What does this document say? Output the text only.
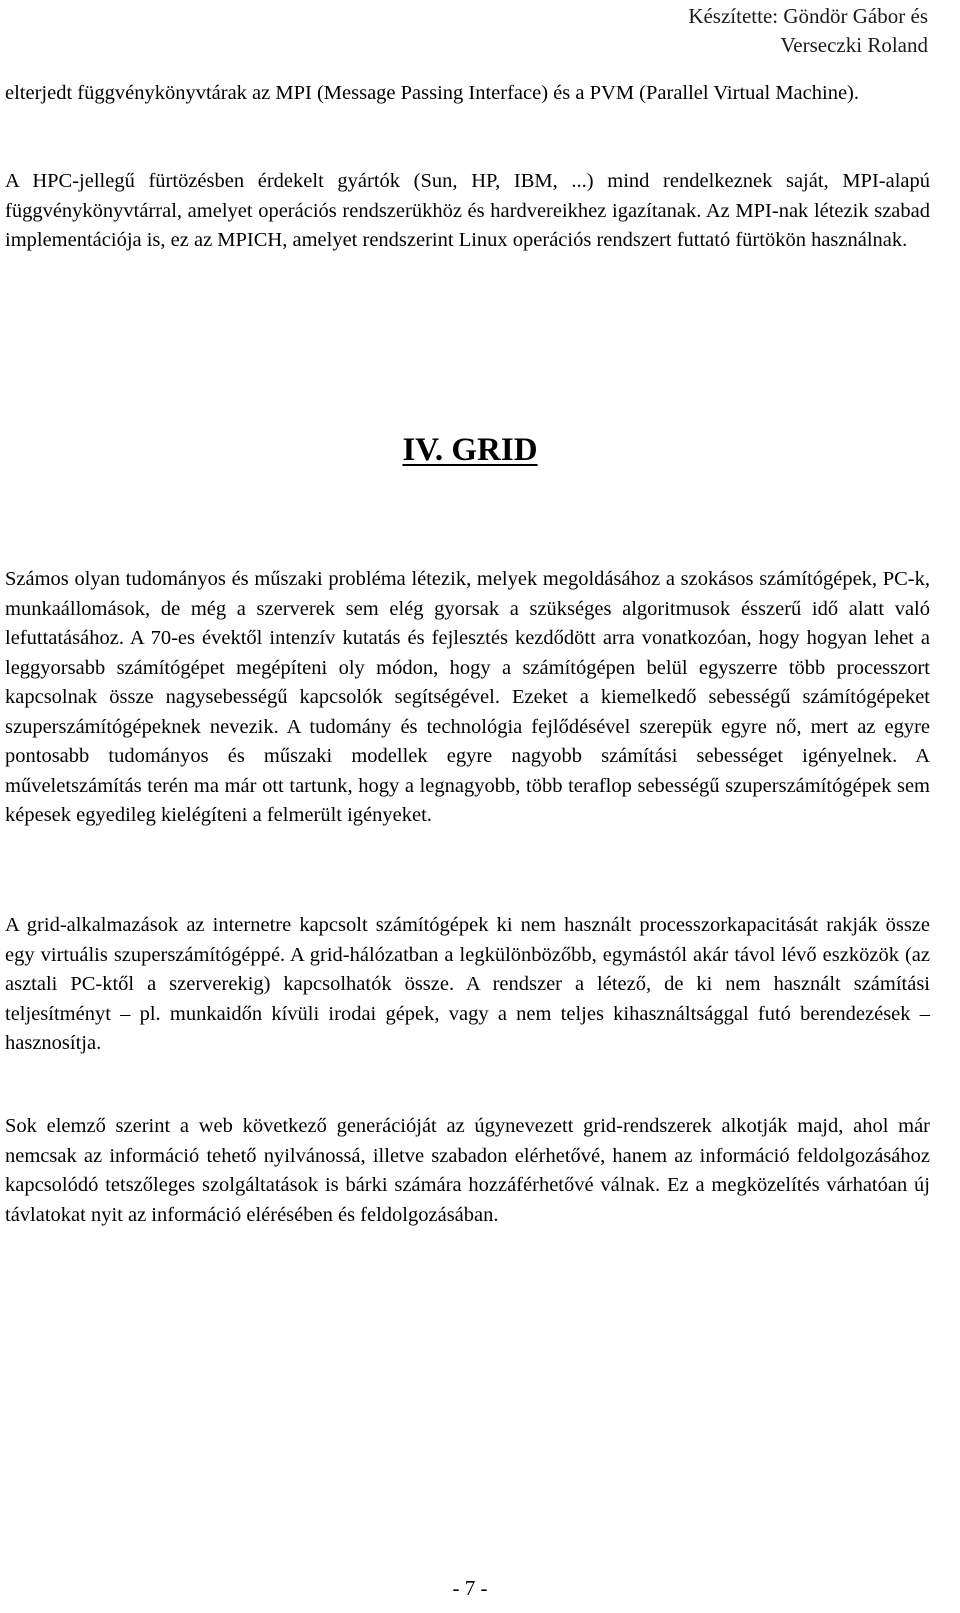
Készítette: Göndör Gábor és
Verseczki Roland

elterjedt függvénykönyvtárak az MPI (Message Passing Interface) és a PVM (Parallel Virtual Machine).

A HPC-jellegű fürtözésben érdekelt gyártók (Sun, HP, IBM, ...) mind rendelkeznek saját, MPI-alapú függvénykönyvtárral, amelyet operációs rendszerükhöz és hardvereikhez igazítanak. Az MPI-nak létezik szabad implementációja is, ez az MPICH, amelyet rendszerint Linux operációs rendszert futtató fürtökön használnak.

IV. GRID

Számos olyan tudományos és műszaki probléma létezik, melyek megoldásához a szokásos számítógépek, PC-k, munkaállomások, de még a szerverek sem elég gyorsak a szükséges algoritmusok ésszerű idő alatt való lefuttatásához. A 70-es évektől intenzív kutatás és fejlesztés kezdődött arra vonatkozóan, hogy hogyan lehet a leggyorsabb számítógépet megépíteni oly módon, hogy a számítógépen belül egyszerre több processzort kapcsolnak össze nagysebességű kapcsolók segítségével. Ezeket a kiemelkedő sebességű számítógépeket szuperszámítógépeknek nevezik. A tudomány és technológia fejlődésével szerepük egyre nő, mert az egyre pontosabb tudományos és műszaki modellek egyre nagyobb számítási sebességet igényelnek. A műveletszámítás terén ma már ott tartunk, hogy a legnagyobb, több teraflop sebességű szuperszámítógépek sem képesek egyedileg kielégíteni a felmerült igényeket.

A grid-alkalmazások az internetre kapcsolt számítógépek ki nem használt processzorkapacitását rakják össze egy virtuális szuperszámítógéppé. A grid-hálózatban a legkülönbözőbb, egymástól akár távol lévő eszközök (az asztali PC-ktől a szerverekig) kapcsolhatók össze. A rendszer a létező, de ki nem használt számítási teljesítményt – pl. munkaidőn kívüli irodai gépek, vagy a nem teljes kihasználtsággal futó berendezések – hasznosítja.

Sok elemző szerint a web következő generációját az úgynevezett grid-rendszerek alkotják majd, ahol már nemcsak az információ tehető nyilvánossá, illetve szabadon elérhetővé, hanem az információ feldolgozásához kapcsolódó tetszőleges szolgáltatások is bárki számára hozzáférhetővé válnak. Ez a megközelítés várhatóan új távlatokat nyit az információ elérésében és feldolgozásában.

- 7 -
